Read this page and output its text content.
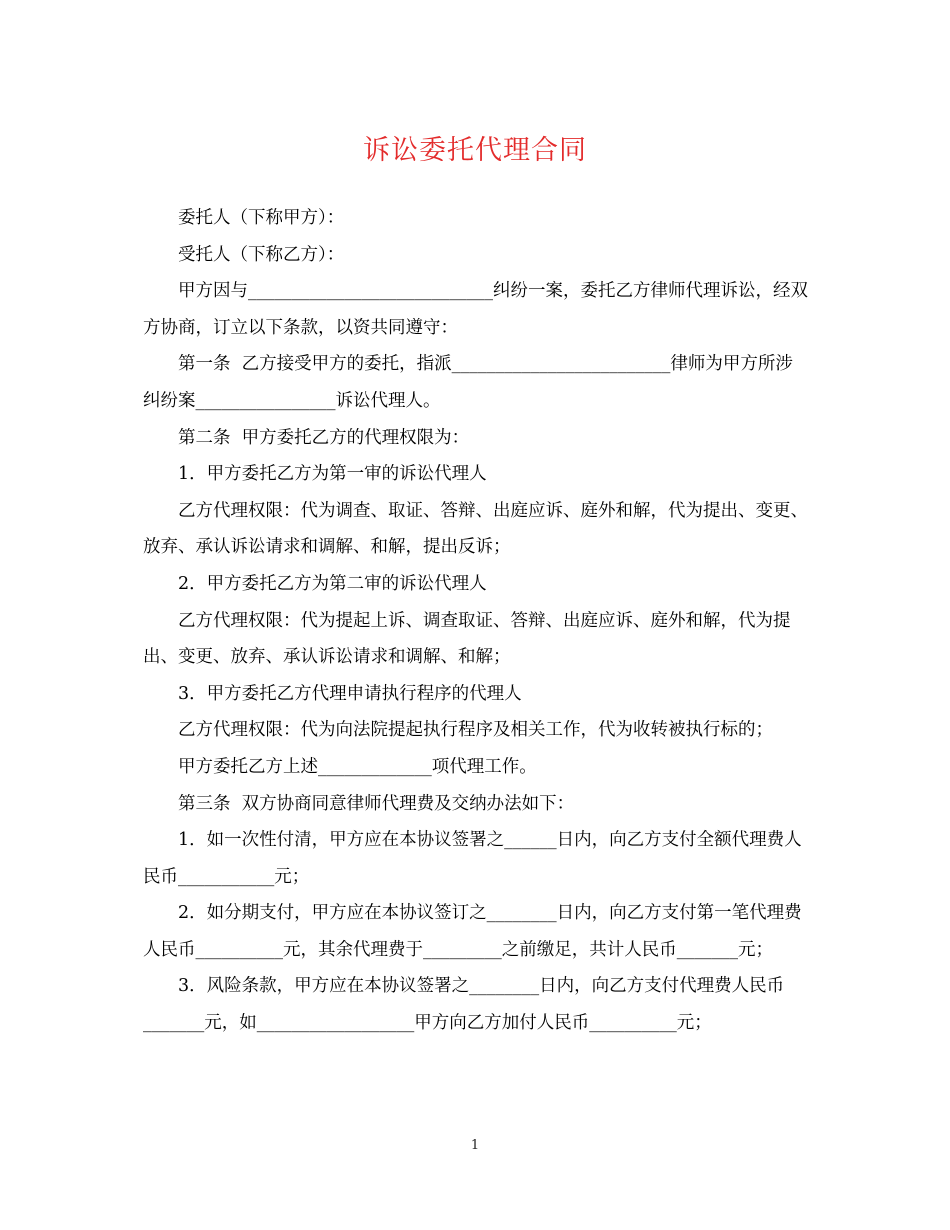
诉讼委托代理合同

委托人（下称甲方）：

受托人（下称乙方）：

甲方因与____________________________纠纷一案，委托乙方律师代理诉讼，经双方协商，订立以下条款，以资共同遵守：

第一条  乙方接受甲方的委托，指派_________________________律师为甲方所涉纠纷案________________诉讼代理人。

第二条  甲方委托乙方的代理权限为：

1．甲方委托乙方为第一审的诉讼代理人

乙方代理权限：代为调查、取证、答辩、出庭应诉、庭外和解，代为提出、变更、放弃、承认诉讼请求和调解、和解，提出反诉；

2．甲方委托乙方为第二审的诉讼代理人

乙方代理权限：代为提起上诉、调查取证、答辩、出庭应诉、庭外和解，代为提出、变更、放弃、承认诉讼请求和调解、和解；

3．甲方委托乙方代理申请执行程序的代理人

乙方代理权限：代为向法院提起执行程序及相关工作，代为收转被执行标的；

甲方委托乙方上述_____________项代理工作。

第三条  双方协商同意律师代理费及交纳办法如下：

1．如一次性付清，甲方应在本协议签署之______日内，向乙方支付全额代理费人民币___________元；

2．如分期支付，甲方应在本协议签订之________日内，向乙方支付第一笔代理费人民币__________元，其余代理费于_________之前缴足，共计人民币_______元；

3．风险条款，甲方应在本协议签署之________日内，向乙方支付代理费人民币_______元，如__________________甲方向乙方加付人民币__________元；

1
